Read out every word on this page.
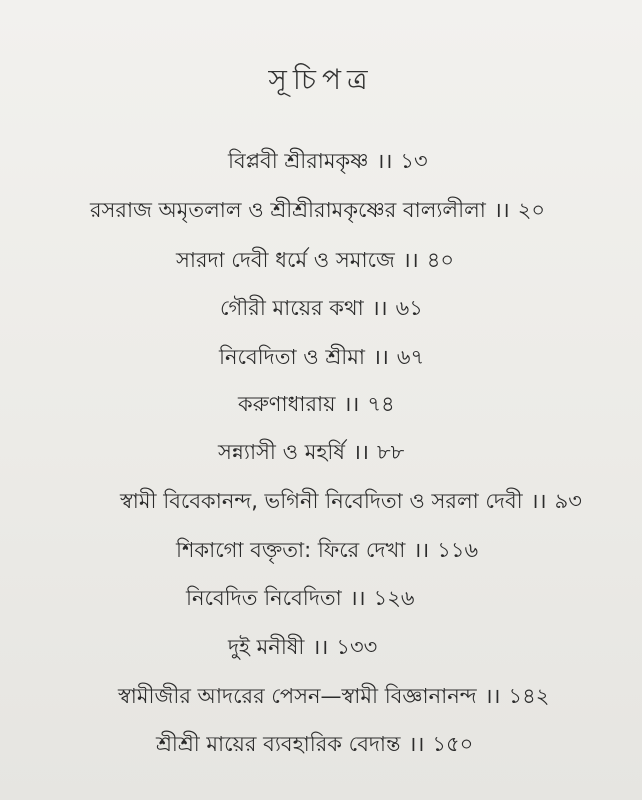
সূচিপত্র
বিপ্লবী শ্রীরামকৃষ্ণ ।। ১৩
রসরাজ অমৃতলাল ও শ্রীশ্রীরামকৃষ্ণের বাল্যলীলা ।। ২০
সারদা দেবী ধর্মে ও সমাজে ।। ৪০
গৌরী মায়ের কথা ।। ৬১
নিবেদিতা ও শ্রীমা ।। ৬৭
করুণাধারায় ।। ৭৪
সন্ন্যাসী ও মহর্ষি ।। ৮৮
স্বামী বিবেকানন্দ, ভগিনী নিবেদিতা ও সরলা দেবী ।। ৯৩
শিকাগো বক্তৃতা: ফিরে দেখা ।। ১১৬
নিবেদিত নিবেদিতা ।। ১২৬
দুই মনীষী ।। ১৩৩
স্বামীজীর আদরের পেসন—স্বামী বিজ্ঞানানন্দ ।। ১৪২
শ্রীশ্রী মায়ের ব্যবহারিক বেদান্ত ।। ১৫০
